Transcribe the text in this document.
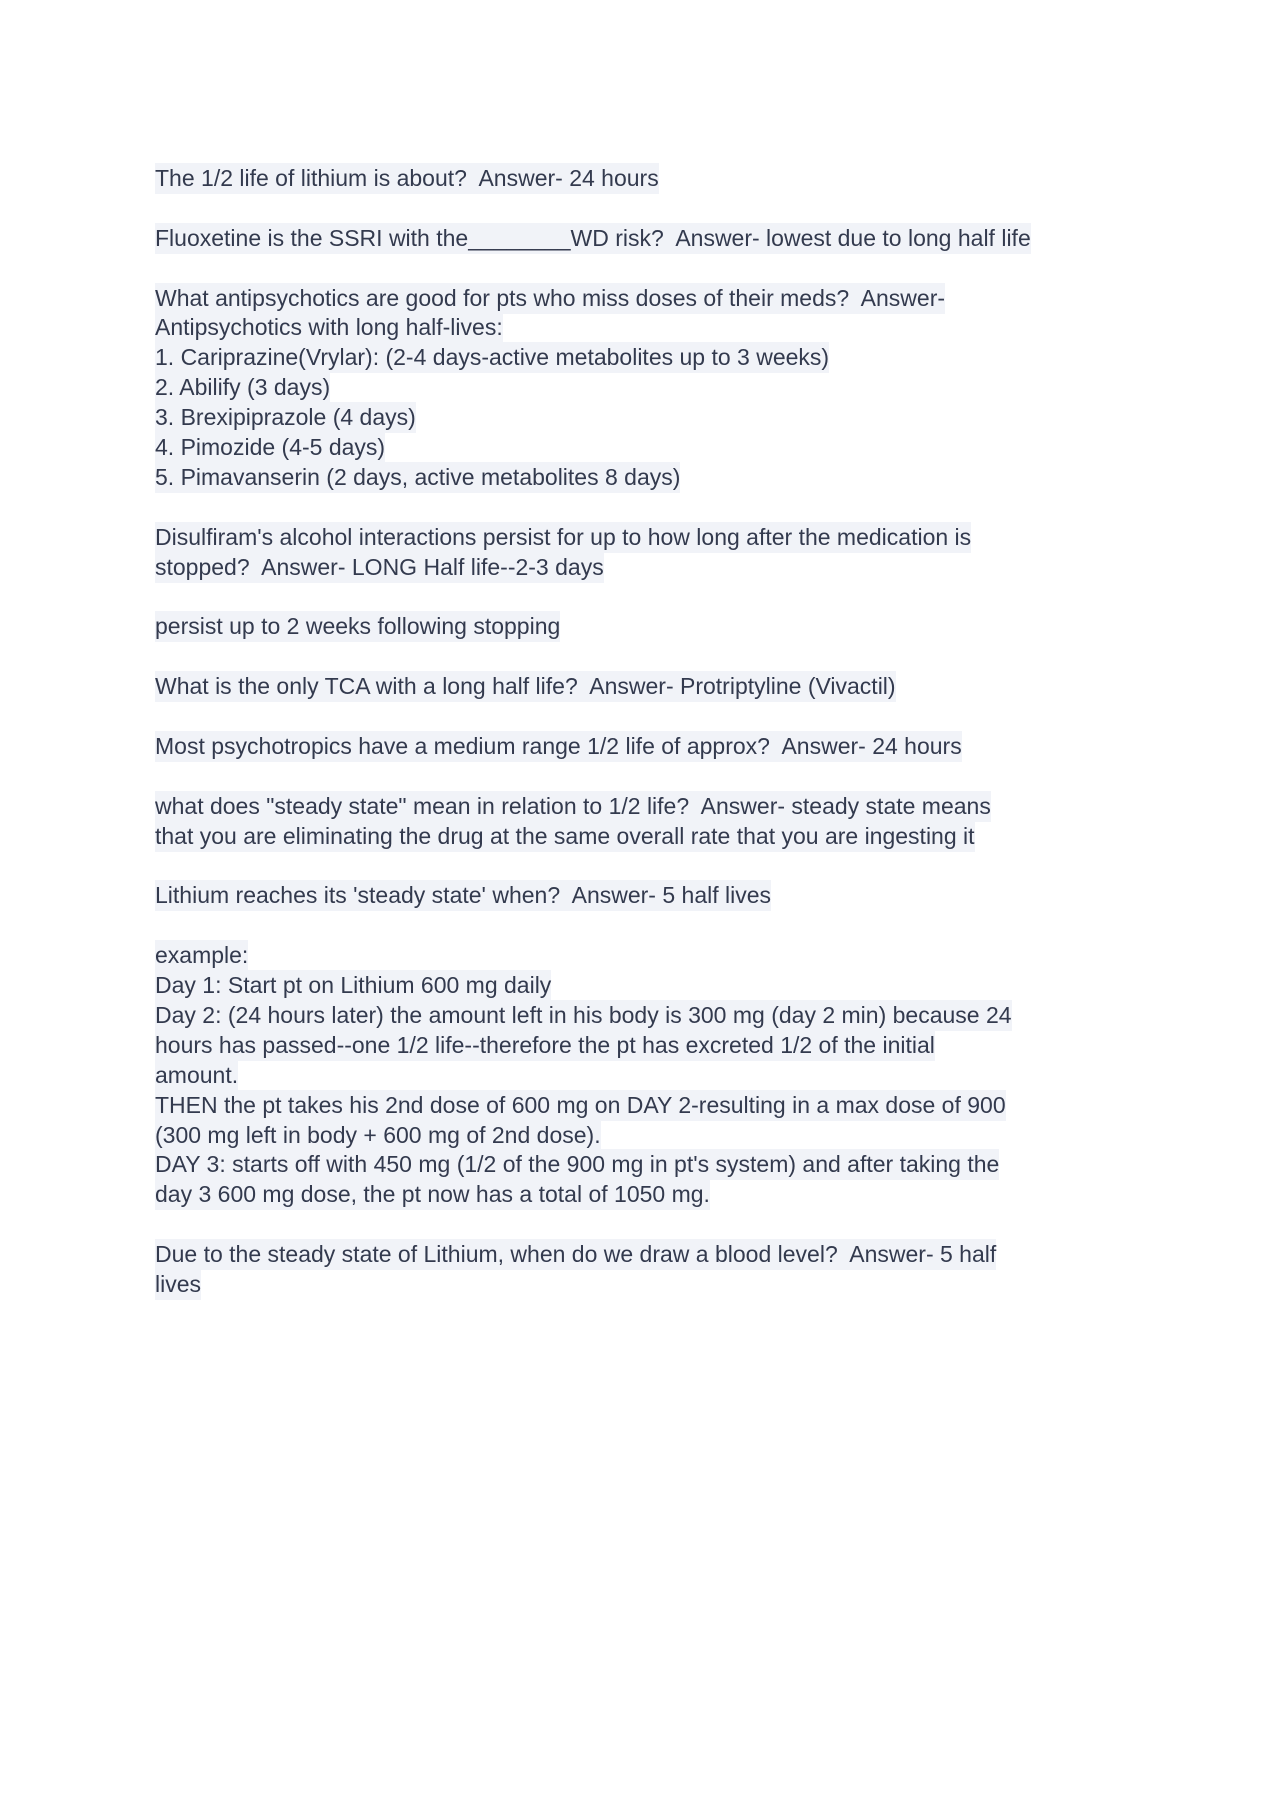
The 1/2 life of lithium is about?  Answer- 24 hours
Fluoxetine is the SSRI with the________WD risk?  Answer- lowest due to long half life
What antipsychotics are good for pts who miss doses of their meds?  Answer-
Antipsychotics with long half-lives:
1. Cariprazine(Vrylar): (2-4 days-active metabolites up to 3 weeks)
2. Abilify (3 days)
3. Brexipiprazole (4 days)
4. Pimozide (4-5 days)
5. Pimavanserin (2 days, active metabolites 8 days)
Disulfiram's alcohol interactions persist for up to how long after the medication is
stopped?  Answer- LONG Half life--2-3 days
persist up to 2 weeks following stopping
What is the only TCA with a long half life?  Answer- Protriptyline (Vivactil)
Most psychotropics have a medium range 1/2 life of approx?  Answer- 24 hours
what does "steady state" mean in relation to 1/2 life?  Answer- steady state means
that you are eliminating the drug at the same overall rate that you are ingesting it
Lithium reaches its 'steady state' when?  Answer- 5 half lives
example:
Day 1: Start pt on Lithium 600 mg daily
Day 2: (24 hours later) the amount left in his body is 300 mg (day 2 min) because 24
hours has passed--one 1/2 life--therefore the pt has excreted 1/2 of the initial
amount.
THEN the pt takes his 2nd dose of 600 mg on DAY 2-resulting in a max dose of 900
(300 mg left in body + 600 mg of 2nd dose).
DAY 3: starts off with 450 mg (1/2 of the 900 mg in pt's system) and after taking the
day 3 600 mg dose, the pt now has a total of 1050 mg.
Due to the steady state of Lithium, when do we draw a blood level?  Answer- 5 half
lives
